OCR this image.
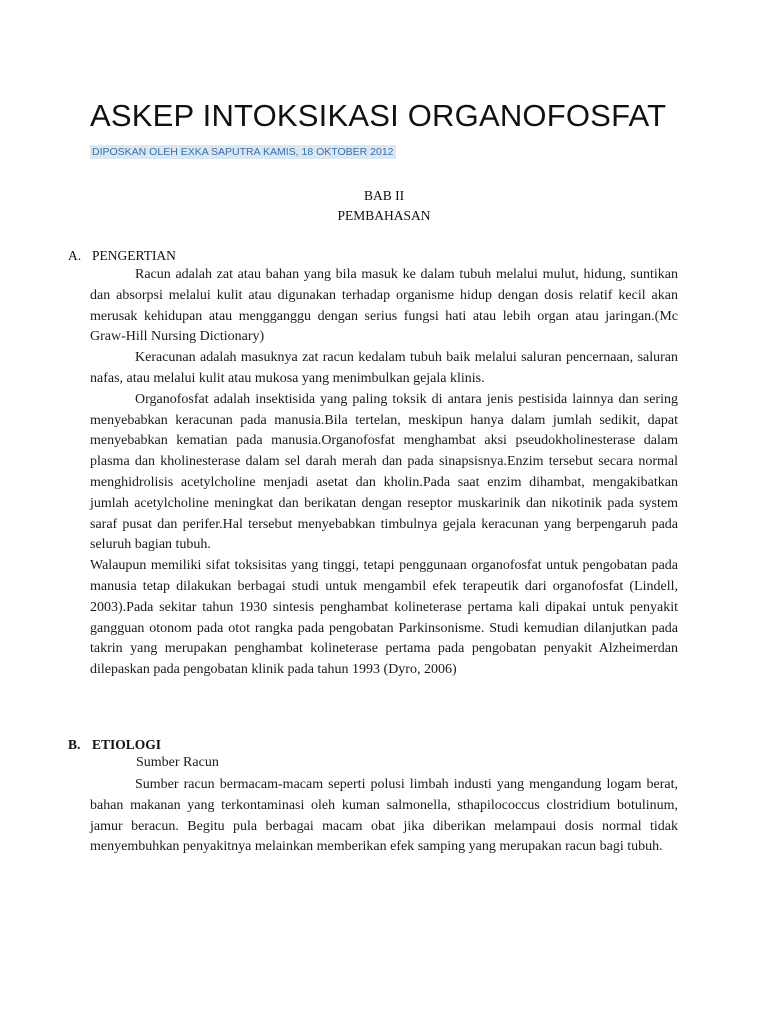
ASKEP INTOKSIKASI ORGANOFOSFAT
DIPOSKAN OLEH EXKA SAPUTRA KAMIS, 18 OKTOBER 2012
BAB II
PEMBAHASAN
A. PENGERTIAN

Racun adalah zat atau bahan yang bila masuk ke dalam tubuh melalui mulut, hidung, suntikan dan absorpsi melalui kulit atau digunakan terhadap organisme hidup dengan dosis relatif kecil akan merusak kehidupan atau mengganggu dengan serius fungsi hati atau lebih organ atau jaringan.(Mc Graw-Hill Nursing Dictionary)

Keracunan adalah masuknya zat racun kedalam tubuh baik melalui saluran pencernaan, saluran nafas, atau melalui kulit atau mukosa yang menimbulkan gejala klinis.

Organofosfat adalah insektisida yang paling toksik di antara jenis pestisida lainnya dan sering menyebabkan keracunan pada manusia.Bila tertelan, meskipun hanya dalam jumlah sedikit, dapat menyebabkan kematian pada manusia.Organofosfat menghambat aksi pseudokholinesterase dalam plasma dan kholinesterase dalam sel darah merah dan pada sinapsisnya.Enzim tersebut secara normal menghidrolisis acetylcholine menjadi asetat dan kholin.Pada saat enzim dihambat, mengakibatkan jumlah acetylcholine meningkat dan berikatan dengan reseptor muskarinik dan nikotinik pada system saraf pusat dan perifer.Hal tersebut menyebabkan timbulnya gejala keracunan yang berpengaruh pada seluruh bagian tubuh.

Walaupun memiliki sifat toksisitas yang tinggi, tetapi penggunaan organofosfat untuk pengobatan pada manusia tetap dilakukan berbagai studi untuk mengambil efek terapeutik dari organofosfat (Lindell, 2003).Pada sekitar tahun 1930 sintesis penghambat kolineterase pertama kali dipakai untuk penyakit gangguan otonom pada otot rangka pada pengobatan Parkinsonisme. Studi kemudian dilanjutkan pada takrin yang merupakan penghambat kolineterase pertama pada pengobatan penyakit Alzheimerdan dilepaskan pada pengobatan klinik pada tahun 1993 (Dyro, 2006)

B. ETIOLOGI
Sumber Racun

Sumber racun bermacam-macam seperti polusi limbah industi yang mengandung logam berat, bahan makanan yang terkontaminasi oleh kuman salmonella, sthapilococcus clostridium botulinum, jamur beracun. Begitu pula berbagai macam obat jika diberikan melampaui dosis normal tidak menyembuhkan penyakitnya melainkan memberikan efek samping yang merupakan racun bagi tubuh.
